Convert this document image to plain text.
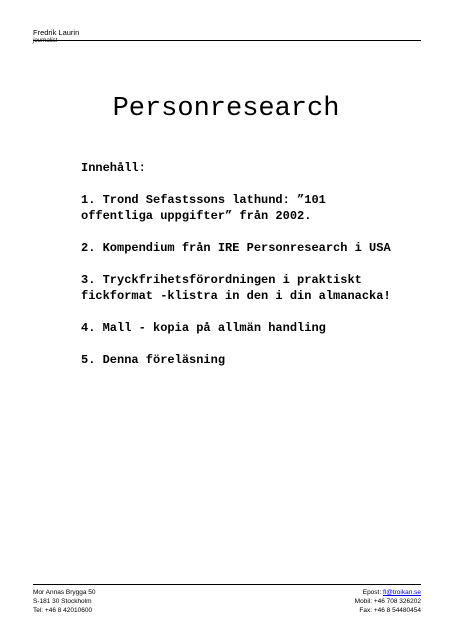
Fredrik Laurin
journalist
Personresearch

Innehåll:

1. Trond Sefastssons lathund: ”101 offentliga uppgifter” från 2002.
2. Kompendium från IRE Personresearch i USA
3. Tryckfrihetsförordningen i praktiskt fickformat -klistra in den i din almanacka!
4. Mall - kopia på allmän handling
5. Denna föreläsning
Mor Annas Brygga 50
S-181 30 Stockholm
Tel: +46 8 42010600
Epost: fl@troikan.se
Mobil: +46 708 326202
Fax: +46 8 54480454
